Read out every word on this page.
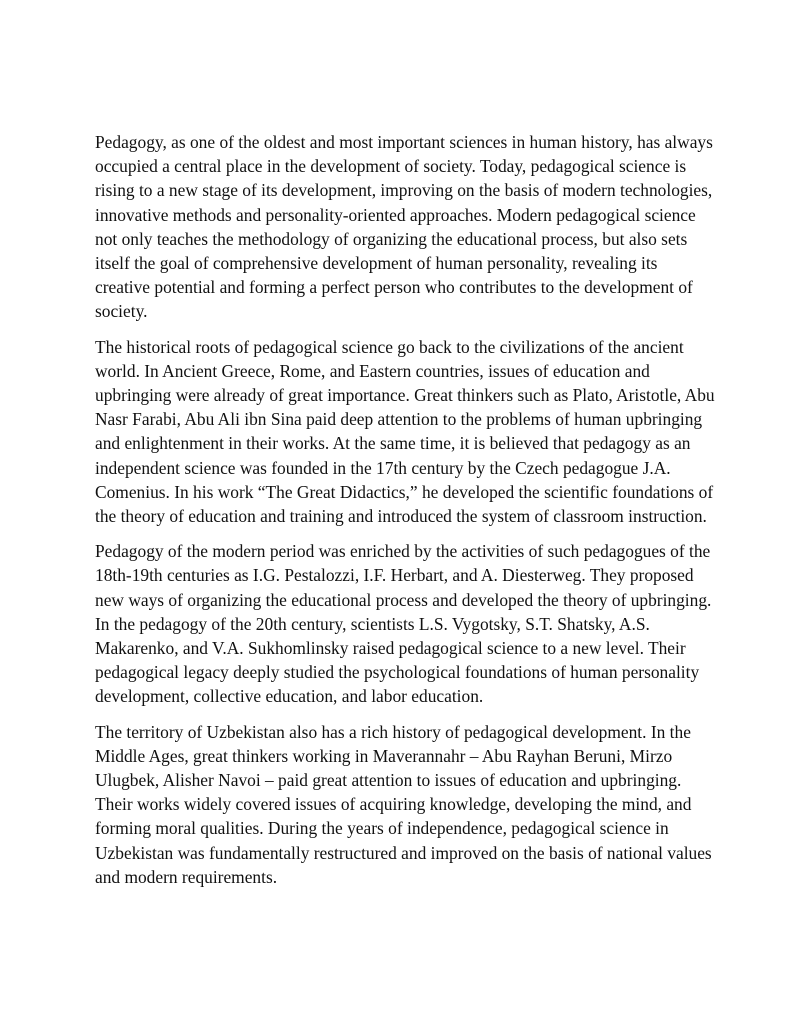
Pedagogy, as one of the oldest and most important sciences in human history, has always occupied a central place in the development of society. Today, pedagogical science is rising to a new stage of its development, improving on the basis of modern technologies, innovative methods and personality-oriented approaches. Modern pedagogical science not only teaches the methodology of organizing the educational process, but also sets itself the goal of comprehensive development of human personality, revealing its creative potential and forming a perfect person who contributes to the development of society.

The historical roots of pedagogical science go back to the civilizations of the ancient world. In Ancient Greece, Rome, and Eastern countries, issues of education and upbringing were already of great importance. Great thinkers such as Plato, Aristotle, Abu Nasr Farabi, Abu Ali ibn Sina paid deep attention to the problems of human upbringing and enlightenment in their works. At the same time, it is believed that pedagogy as an independent science was founded in the 17th century by the Czech pedagogue J.A. Comenius. In his work “The Great Didactics,” he developed the scientific foundations of the theory of education and training and introduced the system of classroom instruction.

Pedagogy of the modern period was enriched by the activities of such pedagogues of the 18th-19th centuries as I.G. Pestalozzi, I.F. Herbart, and A. Diesterweg. They proposed new ways of organizing the educational process and developed the theory of upbringing. In the pedagogy of the 20th century, scientists L.S. Vygotsky, S.T. Shatsky, A.S. Makarenko, and V.A. Sukhomlinsky raised pedagogical science to a new level. Their pedagogical legacy deeply studied the psychological foundations of human personality development, collective education, and labor education.

The territory of Uzbekistan also has a rich history of pedagogical development. In the Middle Ages, great thinkers working in Maverannahr – Abu Rayhan Beruni, Mirzo Ulugbek, Alisher Navoi – paid great attention to issues of education and upbringing. Their works widely covered issues of acquiring knowledge, developing the mind, and forming moral qualities. During the years of independence, pedagogical science in Uzbekistan was fundamentally restructured and improved on the basis of national values and modern requirements.
